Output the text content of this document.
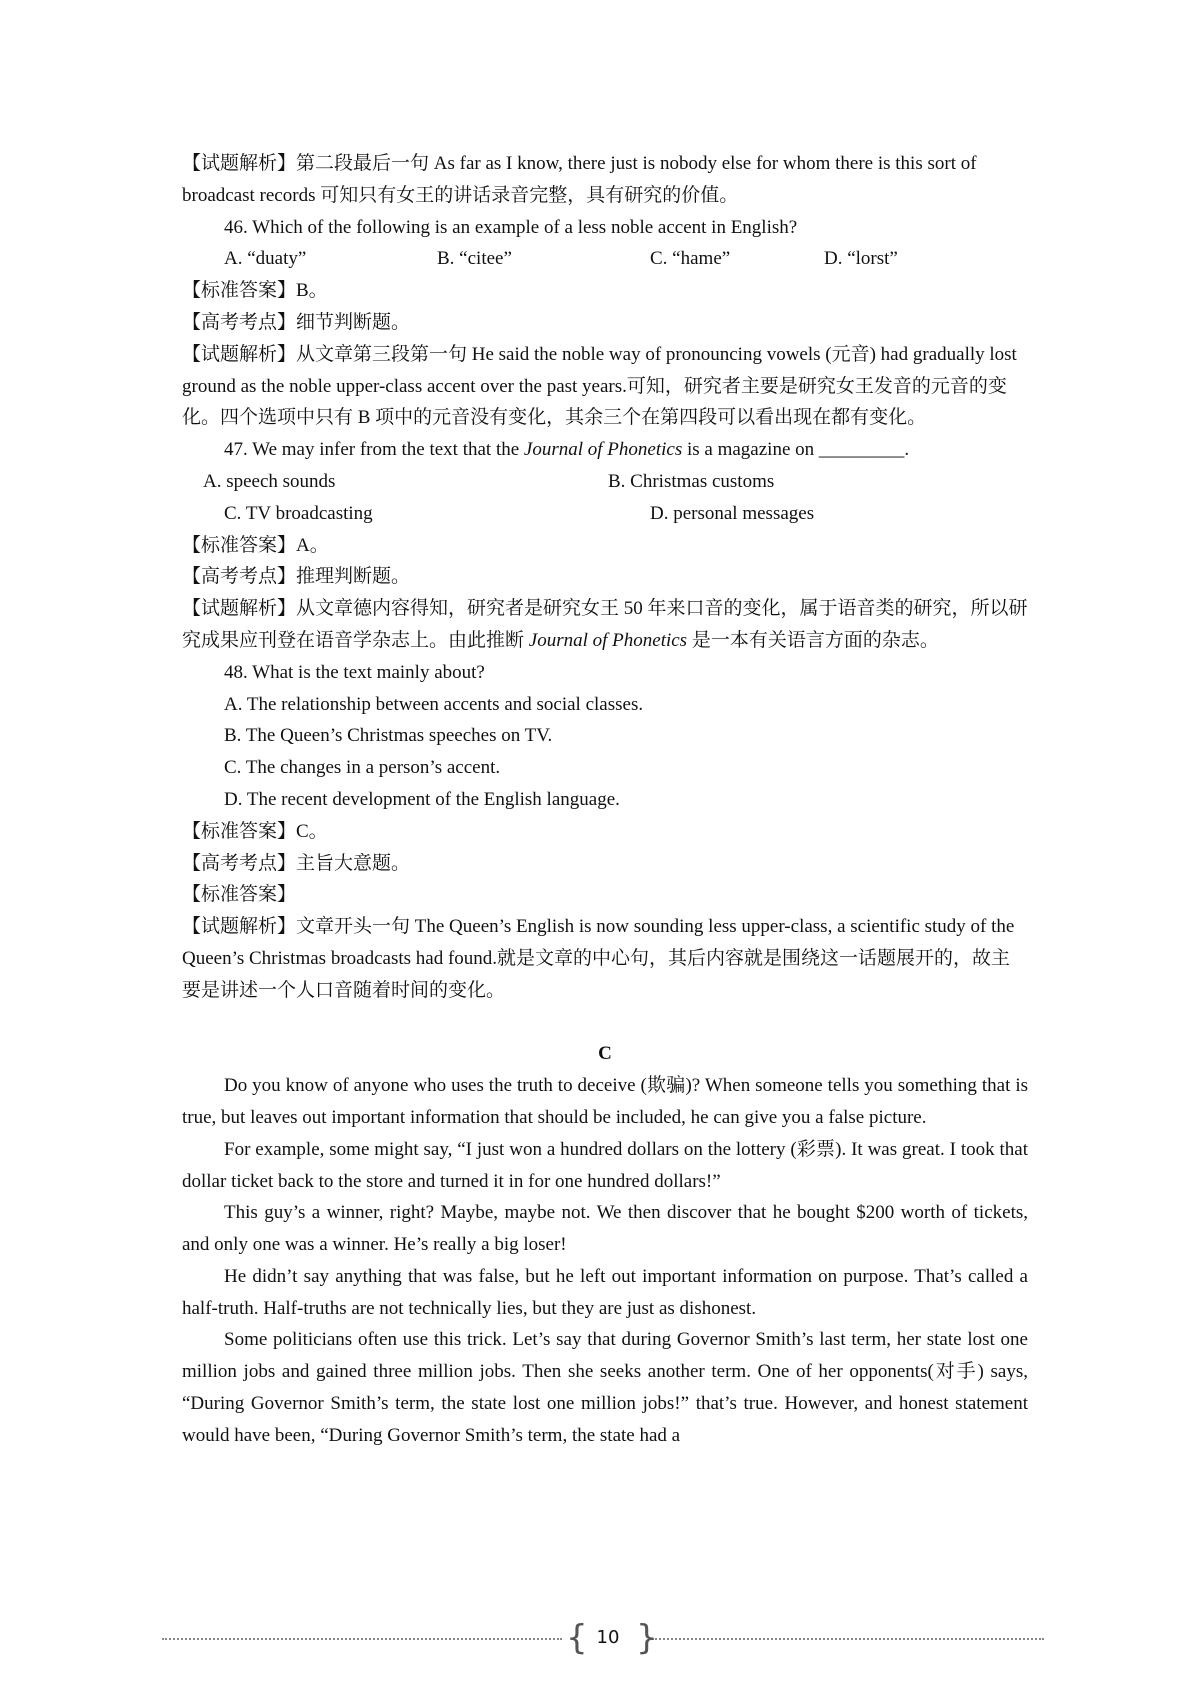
【试题解析】第二段最后一句 As far as I know, there just is nobody else for whom there is this sort of broadcast records 可知只有女王的讲话录音完整，具有研究的价值。

46. Which of the following is an example of a less noble accent in English?

A. “duaty”	B. “citee”	C. “hame”	D. “lorst”

【标准答案】B。

【高考考点】细节判断题。

【试题解析】从文章第三段第一句 He said the noble way of pronouncing vowels (元音) had gradually lost ground as the noble upper-class accent over the past years.可知，研究者主要是研究女王发音的元音的变化。四个选项中只有 B 项中的元音没有变化，其余三个在第四段可以看出现在都有变化。

47. We may infer from the text that the Journal of Phonetics is a magazine on _________.

A. speech sounds	B. Christmas customs
C. TV broadcasting	D. personal messages

【标准答案】A。

【高考考点】推理判断题。

【试题解析】从文章德内容得知，研究者是研究女王 50 年来口音的变化，属于语音类的研究，所以研究成果应刊登在语音学杂志上。由此推断 Journal of Phonetics 是一本有关语言方面的杂志。

48. What is the text mainly about?

A. The relationship between accents and social classes.

B. The Queen’s Christmas speeches on TV.

C. The changes in a person’s accent.

D. The recent development of the English language.

【标准答案】C。

【高考考点】主旨大意题。

【标准答案】

【试题解析】文章开头一句 The Queen’s English is now sounding less upper-class, a scientific study of the Queen’s Christmas broadcasts had found.就是文章的中心句，其后内容就是围绕这一话题展开的，故主要是讲述一个人口音随着时间的变化。

C

Do you know of anyone who uses the truth to deceive (欺骗)? When someone tells you something that is true, but leaves out important information that should be included, he can give you a false picture.

For example, some might say, “I just won a hundred dollars on the lottery (彩票). It was great. I took that dollar ticket back to the store and turned it in for one hundred dollars!”

This guy’s a winner, right? Maybe, maybe not. We then discover that he bought $200 worth of tickets, and only one was a winner. He’s really a big loser!

He didn’t say anything that was false, but he left out important information on purpose. That’s called a half-truth. Half-truths are not technically lies, but they are just as dishonest.

Some politicians often use this trick. Let’s say that during Governor Smith’s last term, her state lost one million jobs and gained three million jobs. Then she seeks another term. One of her opponents(对手) says, “During Governor Smith’s term, the state lost one million jobs!” that’s true. However, and honest statement would have been, “During Governor Smith’s term, the state had a

{ }
10
